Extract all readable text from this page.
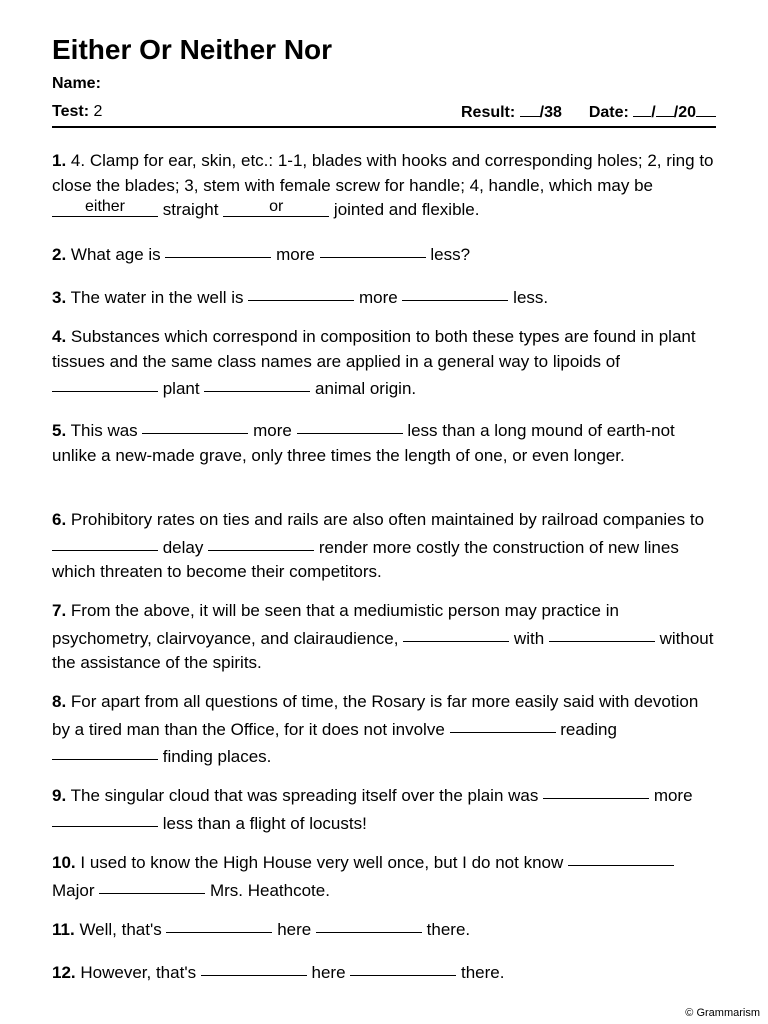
Either Or Neither Nor
Name:
Test: 2	Result: /38 Date: / /20
1. 4. Clamp for ear, skin, etc.: 1-1, blades with hooks and corresponding holes; 2, ring to close the blades; 3, stem with female screw for handle; 4, handle, which may be either straight	or	jointed and flexible.
2. What age is	more	less?
3. The water in the well is	more	less.
4. Substances which correspond in composition to both these types are found in plant tissues and the same class names are applied in a general way to lipoids of  plant	animal origin.
5. This was	more	less than a long mound of earth-not unlike a new-made grave, only three times the length of one, or even longer.
6. Prohibitory rates on ties and rails are also often maintained by railroad companies to  delay	render more costly the construction of new lines which threaten to become their competitors.
7. From the above, it will be seen that a mediumistic person may practice in psychometry, clairvoyance, and clairaudience,	with	without the assistance of the spirits.
8. For apart from all questions of time, the Rosary is far more easily said with devotion by a tired man than the Office, for it does not involve	reading  finding places.
9. The singular cloud that was spreading itself over the plain was	more  less than a flight of locusts!
10. I used to know the High House very well once, but I do not know  Major	Mrs. Heathcote.
11. Well, that's	here	there.
12. However, that's	here	there.
© Grammarism
